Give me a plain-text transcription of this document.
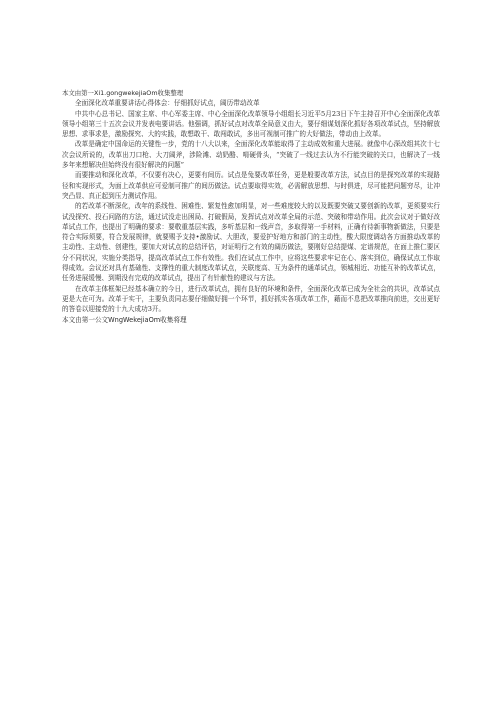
本文由第一Xi1.gongwekejiaOm收集整理

全面深化改革重要讲话心得体会：仔细抓好试点，阔历带动改革

中共中心总书记、国家主席、中心军委主席、中心全面深化改革领导小组组长习近平5月23日下午主持召开中心全面深化改革领导小组第三十五次会议并发表电要讲话。他强调，抓好试点对改革全局意义由大，要仔细谋划深化抓好各项改革试点，坚持解放思想、求事求是，激励探究、大的实践，敢想敢干、敢闯敢试，多出可视制可推广的大好做法，带动由上改革。

改革是确定中国命运的关键性一步，党的十八大以来，全面深化改革能取得了主动成效和重大进展。就像中心深改组其次十七次会议所说的，改革出刀口枪、大刀阔斧，涉险滩、动奶酪、啃硬骨头，“突破了一线过去认为不行能突破的关口，也解决了一线多年来想解决但始终没有很好解决的问题”

而要推动和深化改革，不仅要有决心，更要有间历。试点是兔要改革任务，更是般要改革方法，试点目的是探究改革的实现路径和实现形式，为面上改革供应可爱制可推广的间历做法。试点要取得实效，必需解放思想、与时俱进，尽可能把问题穷尽，让冲突凸显、真正起到压力测试作用。

的若改革不断深化，改年的系线性、困难性、繁复性愈加明显，对一些难度较大的以及既要突破又要创新的改革，更须要实行试没探究、投石问路的方法，通过试没走出困局、打破假局，发挥试点对改革全局的示范、突破和带动作用。此次会议对于做好改革试点工作，也提出了明确的要求：要敬重基层实践，多听基层和一线声音，多取得第一手材料，正确有待新事物新做法，只要是符合实际须要，符合发展规律，就要赐予支持•激励试、大胆改，要爱护好地方和部门的主动性，酸大限度调动各方面推动改革的主动性、主动性、创建性，要加大对试点的总结评估，对证明行之有效的阔历做法，要刚好总结提煤、定谱规范，在面上推仁要区分不同状况，实施分类指导，提高改革试点工作有效性。我们在试点工作中，应将这些要求牢记在心、落实到位，确保试点工作取得成效。会议还对具有基础性、支撑性的重大制度改革试点，关联度高、互为条件的通革试点，领城相近、功能互补的改革试点，任务进展缓慢、到期没有完成的改革试点，提出了有针献性的建议与方法。

在改革主体框架已经基本确立的今日，进行改革试点，拥有良好的环境和条件，全面深化改革已成为全社会的共识，改革试点更是大在可为。改革于实干，主要负责同志要仔细做好拥一个环节，抓好抓实各项改革工作，藉而不息把改革推向前进，交出更好的答卷以迎接党的十九大成功3开。

本文由第一公文WngWekejiaOm收集将理
